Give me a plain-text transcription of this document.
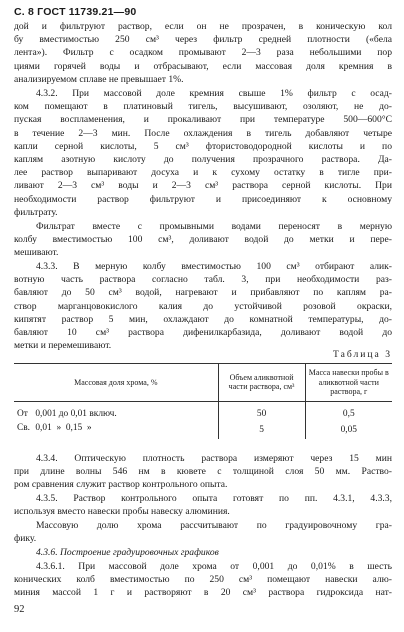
С. 8 ГОСТ 11739.21—90
дой и фильтруют раствор, если он не прозрачен, в коническую кол
бу вместимостью 250 см³ через фильтр средней плотности («бела
лента»). Фильтр с осадком промывают 2—3 раза небольшими пор
циями горячей воды и отбрасывают, если массовая доля кремния в
анализируемом сплаве не превышает 1%.
4.3.2. При массовой доле кремния свыше 1% фильтр с осад-
ком помещают в платиновый тигель, высушивают, озоляют, не до-
пуская воспламенения, и прокаливают при температуре 500—600°С
в течение 2—3 мин. После охлаждения в тигель добавляют четыре
капли серной кислоты, 5 см³ фтористоводородной кислоты и по
каплям азотную кислоту до получения прозрачного раствора. Да-
лее раствор выпаривают досуха и к сухому остатку в тигле при-
ливают 2—3 см³ воды и 2—3 см³ раствора серной кислоты. При
необходимости раствор фильтруют и присоединяют к основному
фильтрату.
Фильтрат вместе с промывными водами переносят в мерную
колбу вместимостью 100 см³, доливают водой до метки и пере-
мешивают.
4.3.3. В мерную колбу вместимостью 100 см³ отбирают алик-
вотную часть раствора согласно табл. 3, при необходимости раз-
бавляют до 50 см³ водой, нагревают и прибавляют по каплям ра-
створ марганцовокислого калия до устойчивой розовой окраски,
кипятят раствор 5 мин, охлаждают до комнатной температуры, до-
бавляют 10 см³ раствора дифенилкарбазида, доливают водой до
метки и перемешивают.
Таблица 3
Массовая доля хрома, %	Объем аликвотной части раствора, см³	Масса навески пробы в аликвотной части раствора, г
От 0,001 до 0,01 включ.	50	0,5
Св. 0,01  »  0,15  »	5	0,05
4.3.4. Оптическую плотность раствора измеряют через 15 мин
при длине волны 546 нм в кювете с толщиной слоя 50 мм. Раство-
ром сравнения служит раствор контрольного опыта.
4.3.5. Раствор контрольного опыта готовят по пп. 4.3.1, 4.3.3,
используя вместо навески пробы навеску алюминия.
Массовую долю хрома рассчитывают по градуировочному гра-
фику.
4.3.6. Построение градуировочных графиков
4.3.6.1. При массовой доле хрома от 0,001 до 0,01% в шесть
конических колб вместимостью по 250 см³ помещают навески алю-
миния массой 1 г и растворяют в 20 см³ раствора гидроксида нат-
92
